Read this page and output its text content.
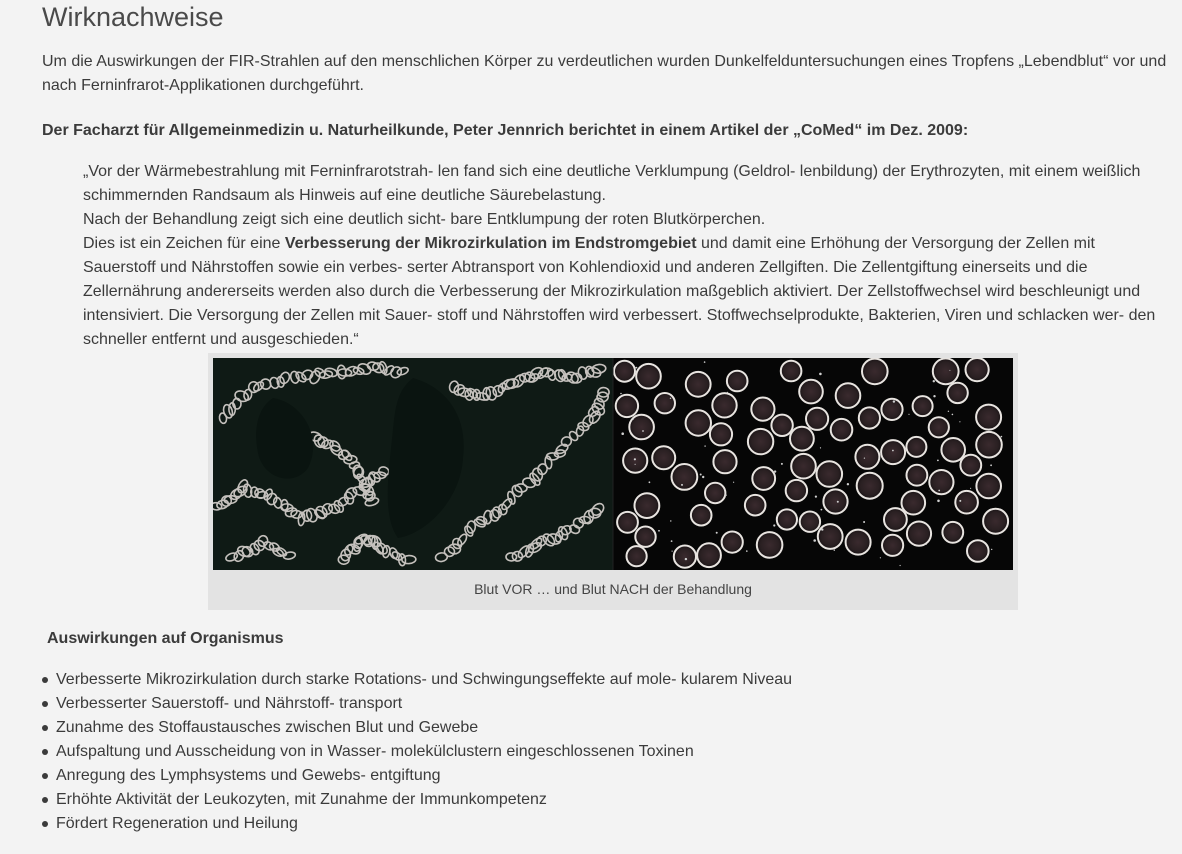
Wirknachweise
Um die Auswirkungen der FIR-Strahlen auf den menschlichen Körper zu verdeutlichen wurden Dunkelfelduntersuchungen eines Tropfens „Lebendblut“ vor und nach Ferninfrarot-Applikationen durchgeführt.
Der Facharzt für Allgemeinmedizin u. Naturheilkunde, Peter Jennrich berichtet in einem Artikel der „CoMed“ im Dez. 2009:

„Vor der Wärmebestrahlung mit Ferninfrarotstrah- len fand sich eine deutliche Verklumpung (Geldrol- lenbildung) der Erythrozyten, mit einem weißlich schimmernden Randsaum als Hinweis auf eine deutliche Säurebelastung.

Nach der Behandlung zeigt sich eine deutlich sicht- bare Entklumpung der roten Blutkörperchen.

Dies ist ein Zeichen für eine Verbesserung der Mikrozirkulation im Endstromgebiet und damit eine Erhöhung der Versorgung der Zellen mit Sauerstoff und Nährstoffen sowie ein verbes- serter Abtransport von Kohlendioxid und anderen Zellgiften. Die Zellentgiftung einerseits und die Zellernährung andererseits werden also durch die Verbesserung der Mikrozirkulation maßgeblich aktiviert. Der Zellstoffwechsel wird beschleunigt und intensiviert. Die Versorgung der Zellen mit Sauer- stoff und Nährstoffen wird verbessert. Stoffwechselprodukte, Bakterien, Viren und schlacken wer- den schneller entfernt und ausgeschieden.“

Blut VOR … und Blut NACH der Behandlung
Auswirkungen auf Organismus
Verbesserte Mikrozirkulation durch starke Rotations- und Schwingungseffekte auf mole- kularem Niveau
Verbesserter Sauerstoff- und Nährstoff- transport
Zunahme des Stoffaustausches zwischen Blut und Gewebe
Aufspaltung und Ausscheidung von in Wasser- molekülclustern eingeschlossenen Toxinen
Anregung des Lymphsystems und Gewebs- entgiftung
Erhöhte Aktivität der Leukozyten, mit Zunahme der Immunkompetenz
Fördert Regeneration und Heilung
